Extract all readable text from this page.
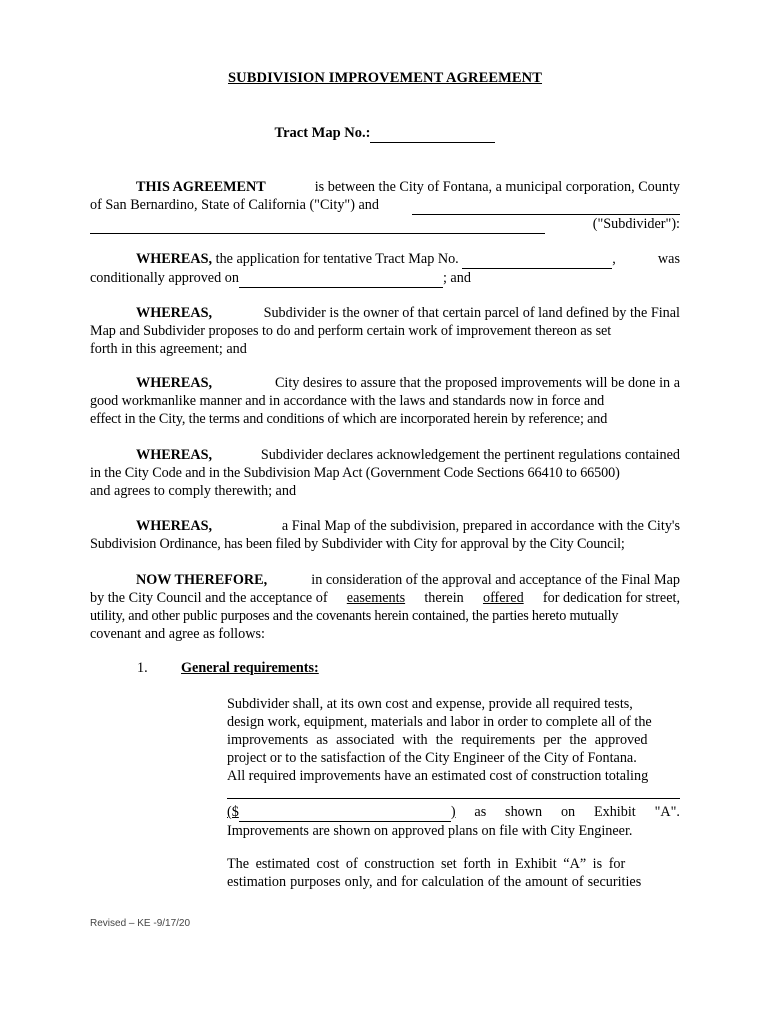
SUBDIVISION IMPROVEMENT AGREEMENT
Tract Map No.:
THIS AGREEMENT	is between the City of Fontana, a municipal corporation, County
of San Bernardino, State of California ("City") and

("Subdivider"):
WHEREAS, the application for tentative Tract Map No.	,	was
conditionally approved on	; and
WHEREAS,	Subdivider is the owner of that certain parcel of land defined by the Final
Map and Subdivider proposes to do and perform certain work of improvement thereon as set
forth in this agreement; and
WHEREAS,	City desires to assure that the proposed improvements will be done in a
good workmanlike manner and in accordance with the laws and standards now in force and
effect in the City, the terms and conditions of which are incorporated herein by reference; and
WHEREAS,	Subdivider declares acknowledgement the pertinent regulations contained
in the City Code and in the Subdivision Map Act (Government Code Sections 66410 to 66500)
and agrees to comply therewith; and
WHEREAS,	a Final Map of the subdivision, prepared in accordance with the City's
Subdivision Ordinance, has been filed by Subdivider with City for approval by the City Council;
NOW THEREFORE,	in consideration of the approval and acceptance of the Final Map
by the City Council and the acceptance of easements therein offered for dedication for street,
utility, and other public purposes and the covenants herein contained, the parties hereto mutually
covenant and agree as follows:
1. General requirements:
Subdivider shall, at its own cost and expense, provide all required tests,
design work, equipment, materials and labor in order to complete all of the
improvements as associated with the requirements per the approved
project or to the satisfaction of the City Engineer of the City of Fontana.
All required improvements have an estimated cost of construction totaling
($	) as shown on Exhibit "A".
Improvements are shown on approved plans on file with City Engineer.
The estimated cost of construction set forth in Exhibit “A” is for
estimation purposes only, and for calculation of the amount of securities
Revised – KE -9/17/20
